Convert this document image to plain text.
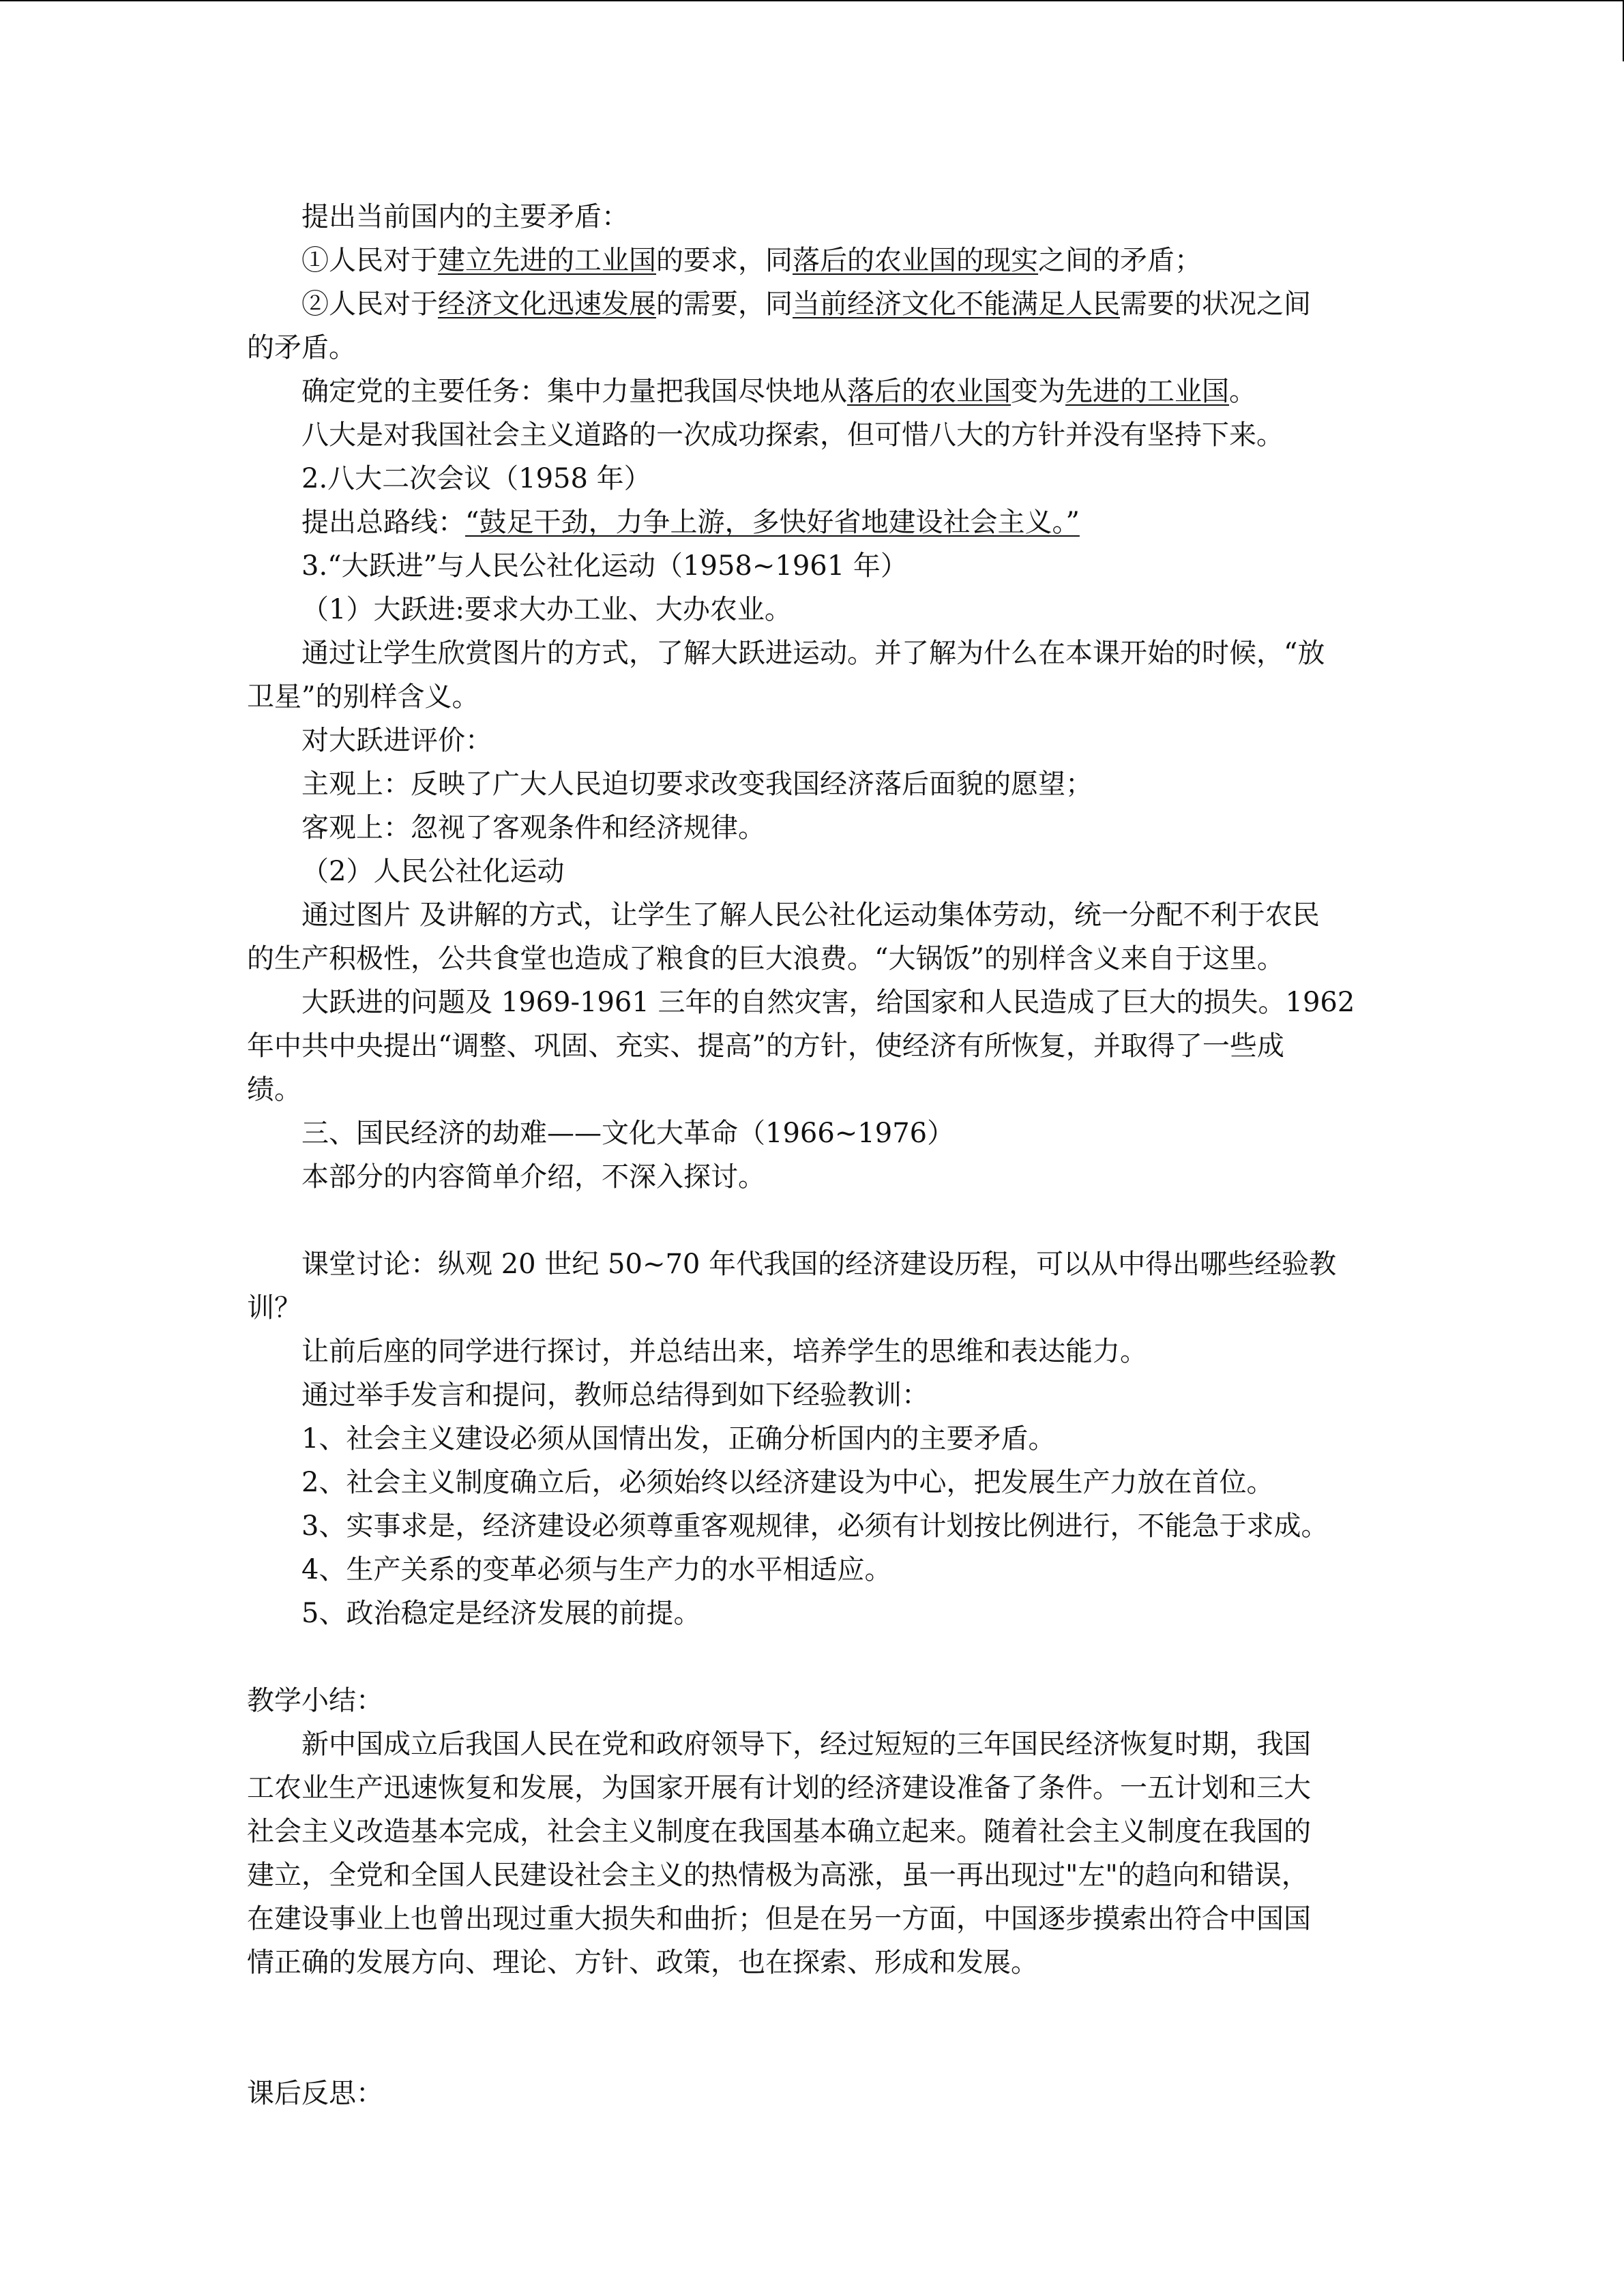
提出当前国内的主要矛盾：
①人民对于建立先进的工业国的要求，同落后的农业国的现实之间的矛盾；
②人民对于经济文化迅速发展的需要，同当前经济文化不能满足人民需要的状况之间
的矛盾。
确定党的主要任务：集中力量把我国尽快地从落后的农业国变为先进的工业国。
八大是对我国社会主义道路的一次成功探索，但可惜八大的方针并没有坚持下来。
2.八大二次会议（1958 年）
提出总路线：“鼓足干劲，力争上游，多快好省地建设社会主义。”
3.“大跃进”与人民公社化运动（1958~1961 年）
（1）大跃进:要求大办工业、大办农业。
通过让学生欣赏图片的方式，了解大跃进运动。并了解为什么在本课开始的时候，“放
卫星”的别样含义。
对大跃进评价：
主观上：反映了广大人民迫切要求改变我国经济落后面貌的愿望；
客观上：忽视了客观条件和经济规律。
（2）人民公社化运动
通过图片 及讲解的方式，让学生了解人民公社化运动集体劳动，统一分配不利于农民
的生产积极性，公共食堂也造成了粮食的巨大浪费。“大锅饭”的别样含义来自于这里。
大跃进的问题及 1969-1961 三年的自然灾害，给国家和人民造成了巨大的损失。1962
年中共中央提出“调整、巩固、充实、提高”的方针，使经济有所恢复，并取得了一些成
绩。
三、国民经济的劫难——文化大革命（1966~1976）
本部分的内容简单介绍，不深入探讨。
课堂讨论：纵观 20 世纪 50~70 年代我国的经济建设历程，可以从中得出哪些经验教
训？
让前后座的同学进行探讨，并总结出来，培养学生的思维和表达能力。
通过举手发言和提问，教师总结得到如下经验教训：
1、社会主义建设必须从国情出发，正确分析国内的主要矛盾。
2、社会主义制度确立后，必须始终以经济建设为中心，把发展生产力放在首位。
3、实事求是，经济建设必须尊重客观规律，必须有计划按比例进行，不能急于求成。
4、生产关系的变革必须与生产力的水平相适应。
5、政治稳定是经济发展的前提。
教学小结：
新中国成立后我国人民在党和政府领导下，经过短短的三年国民经济恢复时期，我国
工农业生产迅速恢复和发展，为国家开展有计划的经济建设准备了条件。一五计划和三大
社会主义改造基本完成，社会主义制度在我国基本确立起来。随着社会主义制度在我国的
建立，全党和全国人民建设社会主义的热情极为高涨，虽一再出现过"左"的趋向和错误，
在建设事业上也曾出现过重大损失和曲折；但是在另一方面，中国逐步摸索出符合中国国
情正确的发展方向、理论、方针、政策，也在探索、形成和发展。
课后反思：
